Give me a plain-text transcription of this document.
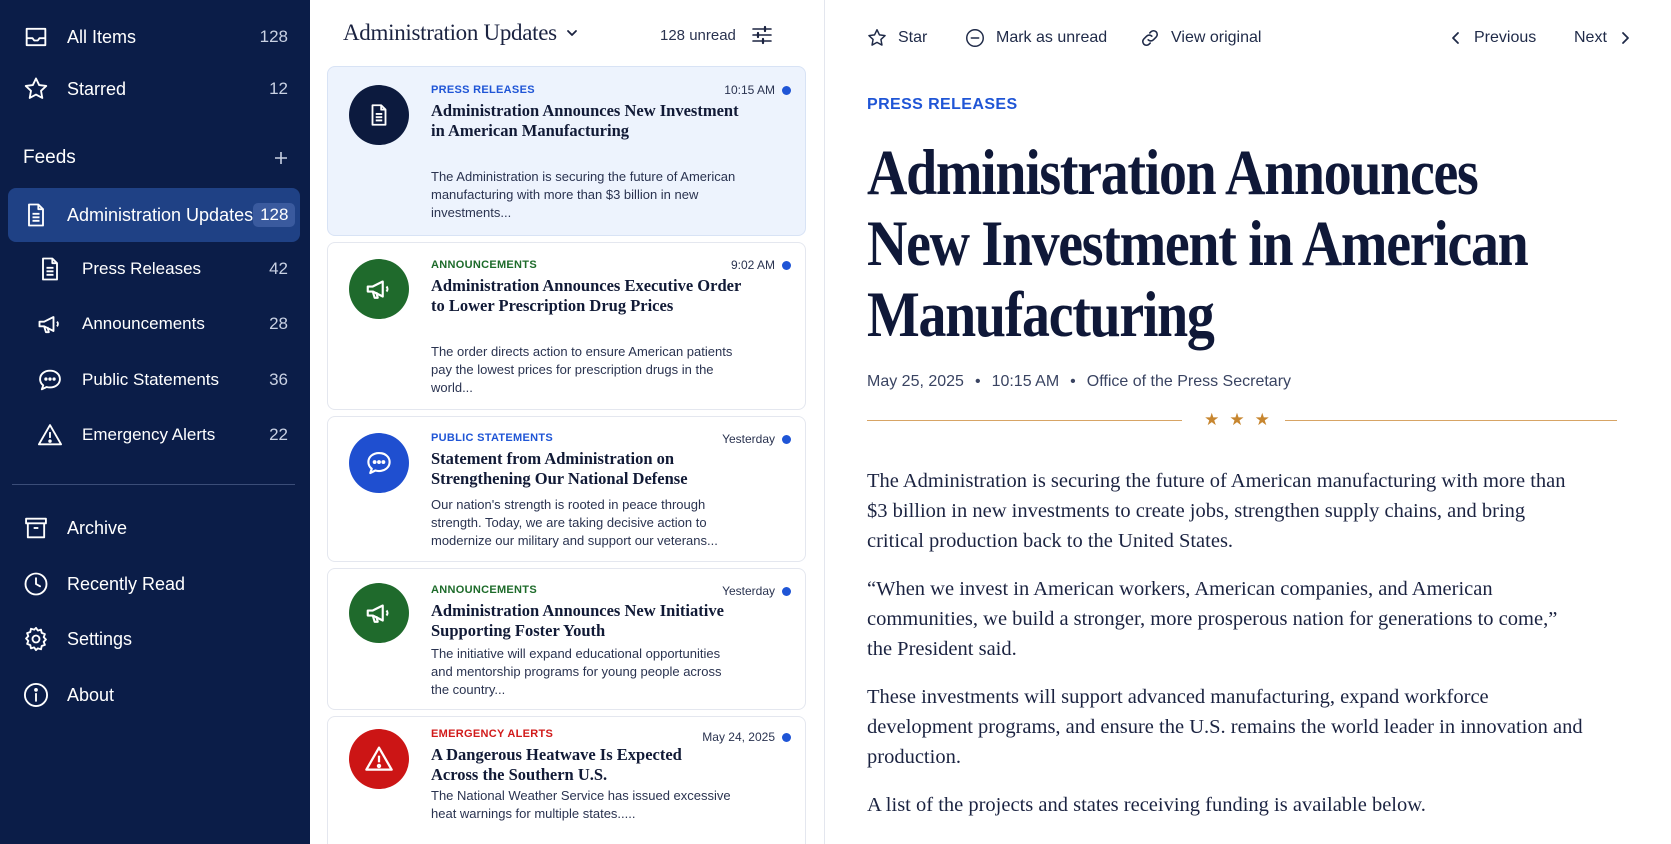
All Items	128
Starred	12
Feeds
Administration Updates 128
Press Releases	42
Announcements	28
Public Statements	36
Emergency Alerts	22
Archive
Recently Read
Settings
About
Administration Updates	128 unread
PRESS RELEASES	10:15 AM
Administration Announces New Investment in American Manufacturing
The Administration is securing the future of American manufacturing with more than $3 billion in new investments...
ANNOUNCEMENTS	9:02 AM
Administration Announces Executive Order to Lower Prescription Drug Prices
The order directs action to ensure American patients pay the lowest prices for prescription drugs in the world...
PUBLIC STATEMENTS	Yesterday
Statement from Administration on Strengthening Our National Defense
Our nation's strength is rooted in peace through strength. Today, we are taking decisive action to modernize our military and support our veterans...
ANNOUNCEMENTS	Yesterday
Administration Announces New Initiative Supporting Foster Youth
The initiative will expand educational opportunities and mentorship programs for young people across the country...
EMERGENCY ALERTS	May 24, 2025
A Dangerous Heatwave Is Expected Across the Southern U.S.
The National Weather Service has issued excessive heat warnings for multiple states.....
Star	Mark as unread	View original	Previous Next
PRESS RELEASES
Administration Announces New Investment in American Manufacturing
May 25, 2025 • 10:15 AM • Office of the Press Secretary
★★★

The Administration is securing the future of American manufacturing with more than $3 billion in new investments to create jobs, strengthen supply chains, and bring critical production back to the United States.

“When we invest in American workers, American companies, and American communities, we build a stronger, more prosperous nation for generations to come,” the President said.

These investments will support advanced manufacturing, expand workforce development programs, and ensure the U.S. remains the world leader in innovation and production.

A list of the projects and states receiving funding is available below.
